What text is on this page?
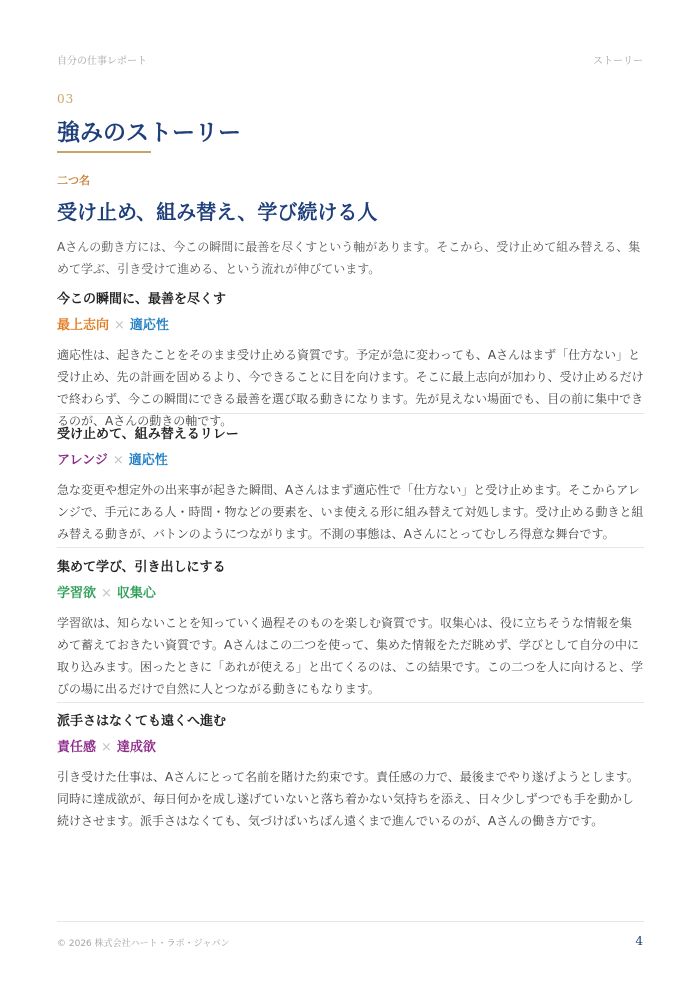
自分の仕事レポート	ストーリー
03
強みのストーリー
二つ名
受け止め、組み替え、学び続ける人
Aさんの動き方には、今この瞬間に最善を尽くすという軸があります。そこから、受け止めて組み替える、集めて学ぶ、引き受けて進める、という流れが伸びています。
今この瞬間に、最善を尽くす
最上志向 × 適応性

適応性は、起きたことをそのまま受け止める資質です。予定が急に変わっても、Aさんはまず「仕方ない」と受け止め、先の計画を固めるより、今できることに目を向けます。そこに最上志向が加わり、受け止めるだけで終わらず、今この瞬間にできる最善を選び取る動きになります。先が見えない場面でも、目の前に集中できるのが、Aさんの動きの軸です。

受け止めて、組み替えるリレー
アレンジ × 適応性

急な変更や想定外の出来事が起きた瞬間、Aさんはまず適応性で「仕方ない」と受け止めます。そこからアレンジで、手元にある人・時間・物などの要素を、いま使える形に組み替えて対処します。受け止める動きと組み替える動きが、バトンのようにつながります。不測の事態は、Aさんにとってむしろ得意な舞台です。

集めて学び、引き出しにする
学習欲 × 収集心

学習欲は、知らないことを知っていく過程そのものを楽しむ資質です。収集心は、役に立ちそうな情報を集めて蓄えておきたい資質です。Aさんはこの二つを使って、集めた情報をただ眺めず、学びとして自分の中に取り込みます。困ったときに「あれが使える」と出てくるのは、この結果です。この二つを人に向けると、学びの場に出るだけで自然に人とつながる動きにもなります。

派手さはなくても遠くへ進む
責任感 × 達成欲

引き受けた仕事は、Aさんにとって名前を賭けた約束です。責任感の力で、最後までやり遂げようとします。同時に達成欲が、毎日何かを成し遂げていないと落ち着かない気持ちを添え、日々少しずつでも手を動かし続けさせます。派手さはなくても、気づけばいちばん遠くまで進んでいるのが、Aさんの働き方です。

© 2026 株式会社ハート・ラボ・ジャパン	4
